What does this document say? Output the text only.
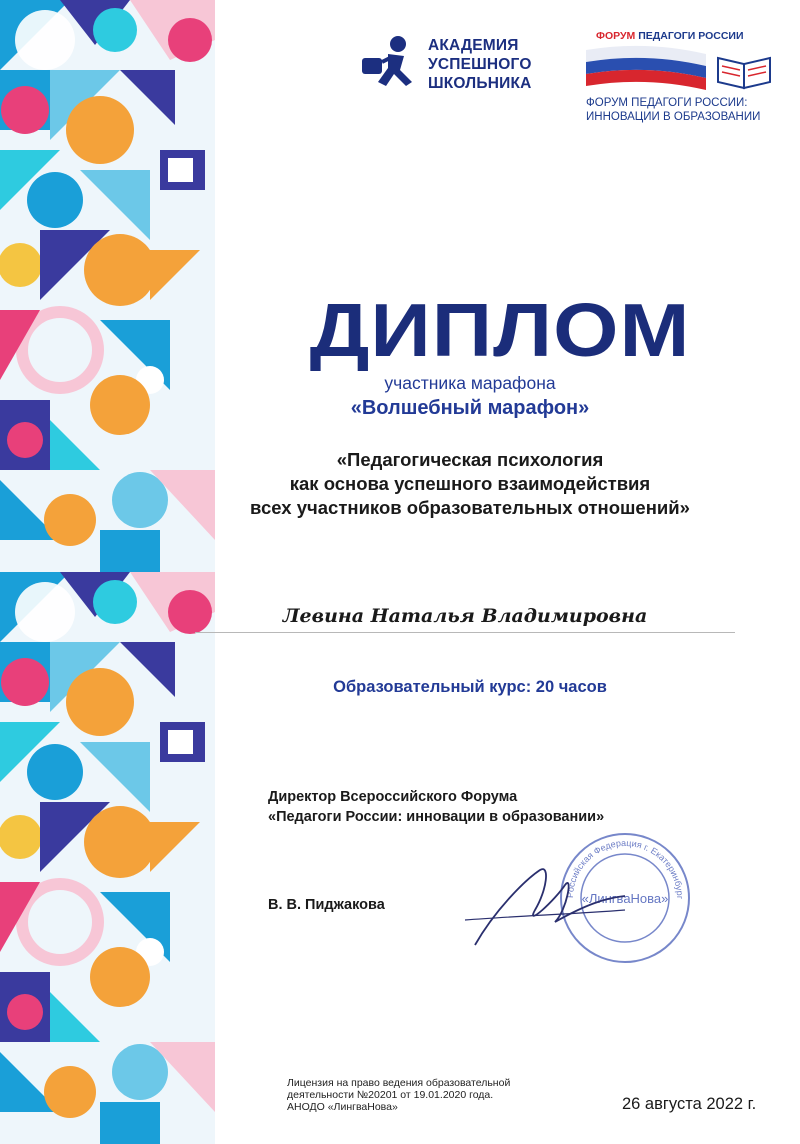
АКАДЕМИЯ
УСПЕШНОГО
ШКОЛЬНИКА
ФОРУМ ПЕДАГОГИ РОССИИ
ФОРУМ ПЕДАГОГИ РОССИИ:
ИННОВАЦИИ В ОБРАЗОВАНИИ
ДИПЛОМ
участника марафона
«Волшебный марафон»
«Педагогическая психология
как основа успешного взаимодействия
всех участников образовательных отношений»
Левина Наталья Владимировна
Образовательный курс: 20 часов
Директор Всероссийского Форума
«Педагоги России: инновации в образовании»
В. В. Пиджакова
Российская Федерация г. Екатеринбург
«ЛингваНова»
Лицензия на право ведения образовательной
деятельности №20201 от 19.01.2020 года.
АНОДО «ЛингваНова»	26 августа 2022 г.
